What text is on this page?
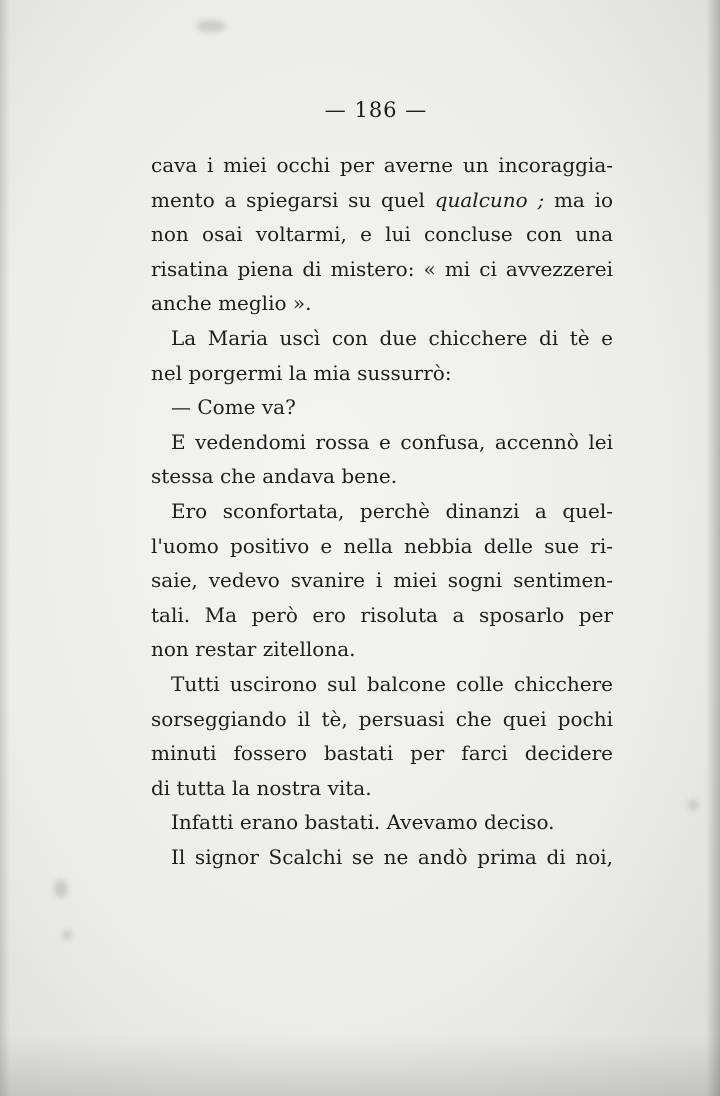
— 186 —
cava i miei occhi per averne un incoraggia-
mento a spiegarsi su quel qualcuno ; ma io
non osai voltarmi, e lui concluse con una
risatina piena di mistero: « mi ci avvezzerei
anche meglio ».
La Maria uscì con due chicchere di tè e
nel porgermi la mia sussurrò:
— Come va?
E vedendomi rossa e confusa, accennò lei
stessa che andava bene.
Ero sconfortata, perchè dinanzi a quel-
l'uomo positivo e nella nebbia delle sue ri-
saie, vedevo svanire i miei sogni sentimen-
tali. Ma però ero risoluta a sposarlo per
non restar zitellona.
Tutti uscirono sul balcone colle chicchere
sorseggiando il tè, persuasi che quei pochi
minuti fossero bastati per farci decidere
di tutta la nostra vita.
Infatti erano bastati. Avevamo deciso.
Il signor Scalchi se ne andò prima di noi,
